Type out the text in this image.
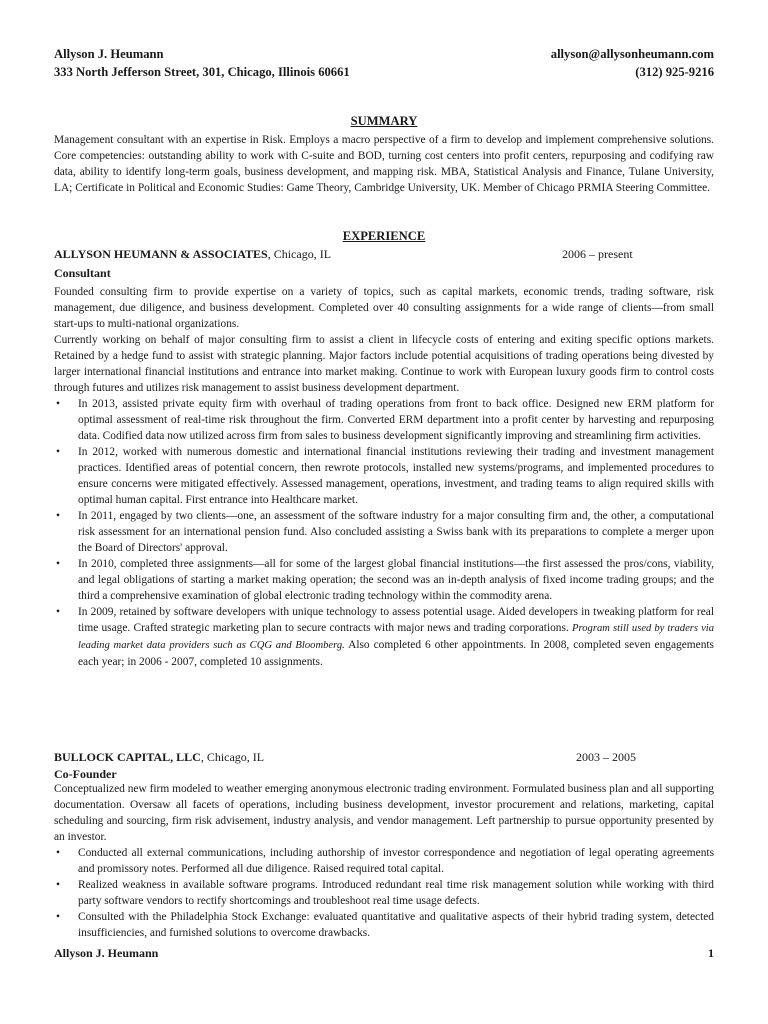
Allyson J. Heumann	allyson@allysonheumann.com
333 North Jefferson Street, 301, Chicago, Illinois 60661	(312) 925-9216
SUMMARY
Management consultant with an expertise in Risk. Employs a macro perspective of a firm to develop and implement comprehensive solutions. Core competencies: outstanding ability to work with C-suite and BOD, turning cost centers into profit centers, repurposing and codifying raw data, ability to identify long-term goals, business development, and mapping risk. MBA, Statistical Analysis and Finance, Tulane University, LA; Certificate in Political and Economic Studies: Game Theory, Cambridge University, UK. Member of Chicago PRMIA Steering Committee.
EXPERIENCE
ALLYSON HEUMANN & ASSOCIATES, Chicago, IL	2006 – present
Consultant
Founded consulting firm to provide expertise on a variety of topics, such as capital markets, economic trends, trading software, risk management, due diligence, and business development. Completed over 40 consulting assignments for a wide range of clients—from small start-ups to multi-national organizations.
Currently working on behalf of major consulting firm to assist a client in lifecycle costs of entering and exiting specific options markets. Retained by a hedge fund to assist with strategic planning. Major factors include potential acquisitions of trading operations being divested by larger international financial institutions and entrance into market making. Continue to work with European luxury goods firm to control costs through futures and utilizes risk management to assist business development department.
• In 2013, assisted private equity firm with overhaul of trading operations from front to back office. Designed new ERM platform for optimal assessment of real-time risk throughout the firm. Converted ERM department into a profit center by harvesting and repurposing data. Codified data now utilized across firm from sales to business development significantly improving and streamlining firm activities.
• In 2012, worked with numerous domestic and international financial institutions reviewing their trading and investment management practices. Identified areas of potential concern, then rewrote protocols, installed new systems/programs, and implemented procedures to ensure concerns were mitigated effectively. Assessed management, operations, investment, and trading teams to align required skills with optimal human capital. First entrance into Healthcare market.
• In 2011, engaged by two clients—one, an assessment of the software industry for a major consulting firm and, the other, a computational risk assessment for an international pension fund. Also concluded assisting a Swiss bank with its preparations to complete a merger upon the Board of Directors' approval.
• In 2010, completed three assignments—all for some of the largest global financial institutions—the first assessed the pros/cons, viability, and legal obligations of starting a market making operation; the second was an in-depth analysis of fixed income trading groups; and the third a comprehensive examination of global electronic trading technology within the commodity arena.
• In 2009, retained by software developers with unique technology to assess potential usage. Aided developers in tweaking platform for real time usage. Crafted strategic marketing plan to secure contracts with major news and trading corporations. Program still used by traders via leading market data providers such as CQG and Bloomberg. Also completed 6 other appointments. In 2008, completed seven engagements each year; in 2006 - 2007, completed 10 assignments.
BULLOCK CAPITAL, LLC, Chicago, IL	2003 – 2005
Co-Founder
Conceptualized new firm modeled to weather emerging anonymous electronic trading environment. Formulated business plan and all supporting documentation. Oversaw all facets of operations, including business development, investor procurement and relations, marketing, capital scheduling and sourcing, firm risk advisement, industry analysis, and vendor management. Left partnership to pursue opportunity presented by an investor.
• Conducted all external communications, including authorship of investor correspondence and negotiation of legal operating agreements and promissory notes. Performed all due diligence. Raised required total capital.
• Realized weakness in available software programs. Introduced redundant real time risk management solution while working with third party software vendors to rectify shortcomings and troubleshoot real time usage defects.
• Consulted with the Philadelphia Stock Exchange: evaluated quantitative and qualitative aspects of their hybrid trading system, detected insufficiencies, and furnished solutions to overcome drawbacks.
Allyson J. Heumann	1
